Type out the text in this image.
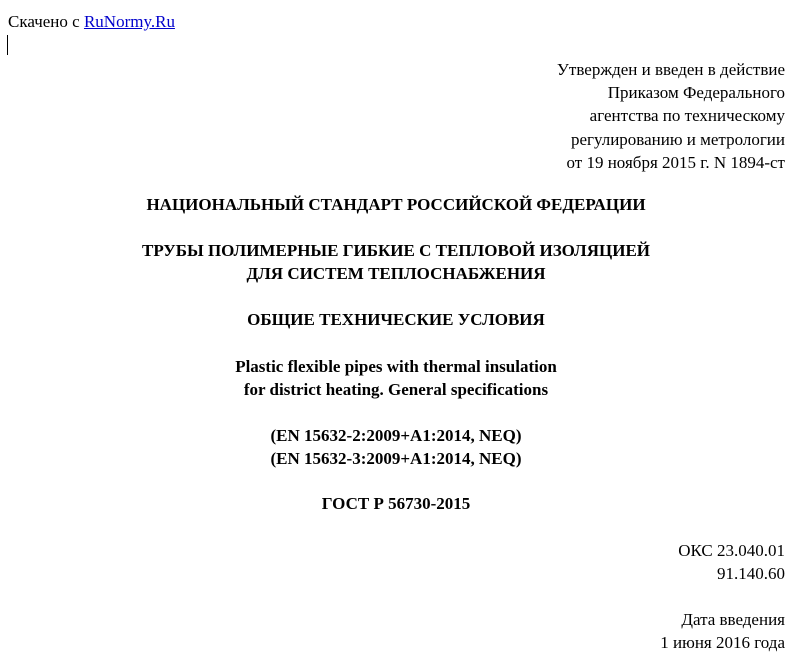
Скачено с RuNormy.Ru
Утвержден и введен в действие
Приказом Федерального
агентства по техническому
регулированию и метрологии
от 19 ноября 2015 г. N 1894-ст
НАЦИОНАЛЬНЫЙ СТАНДАРТ РОССИЙСКОЙ ФЕДЕРАЦИИ
ТРУБЫ ПОЛИМЕРНЫЕ ГИБКИЕ С ТЕПЛОВОЙ ИЗОЛЯЦИЕЙ
ДЛЯ СИСТЕМ ТЕПЛОСНАБЖЕНИЯ
ОБЩИЕ ТЕХНИЧЕСКИЕ УСЛОВИЯ
Plastic flexible pipes with thermal insulation
for district heating. General specifications
(EN 15632-2:2009+A1:2014, NEQ)
(EN 15632-3:2009+A1:2014, NEQ)
ГОСТ Р 56730-2015
ОКС 23.040.01
91.140.60
Дата введения
1 июня 2016 года
